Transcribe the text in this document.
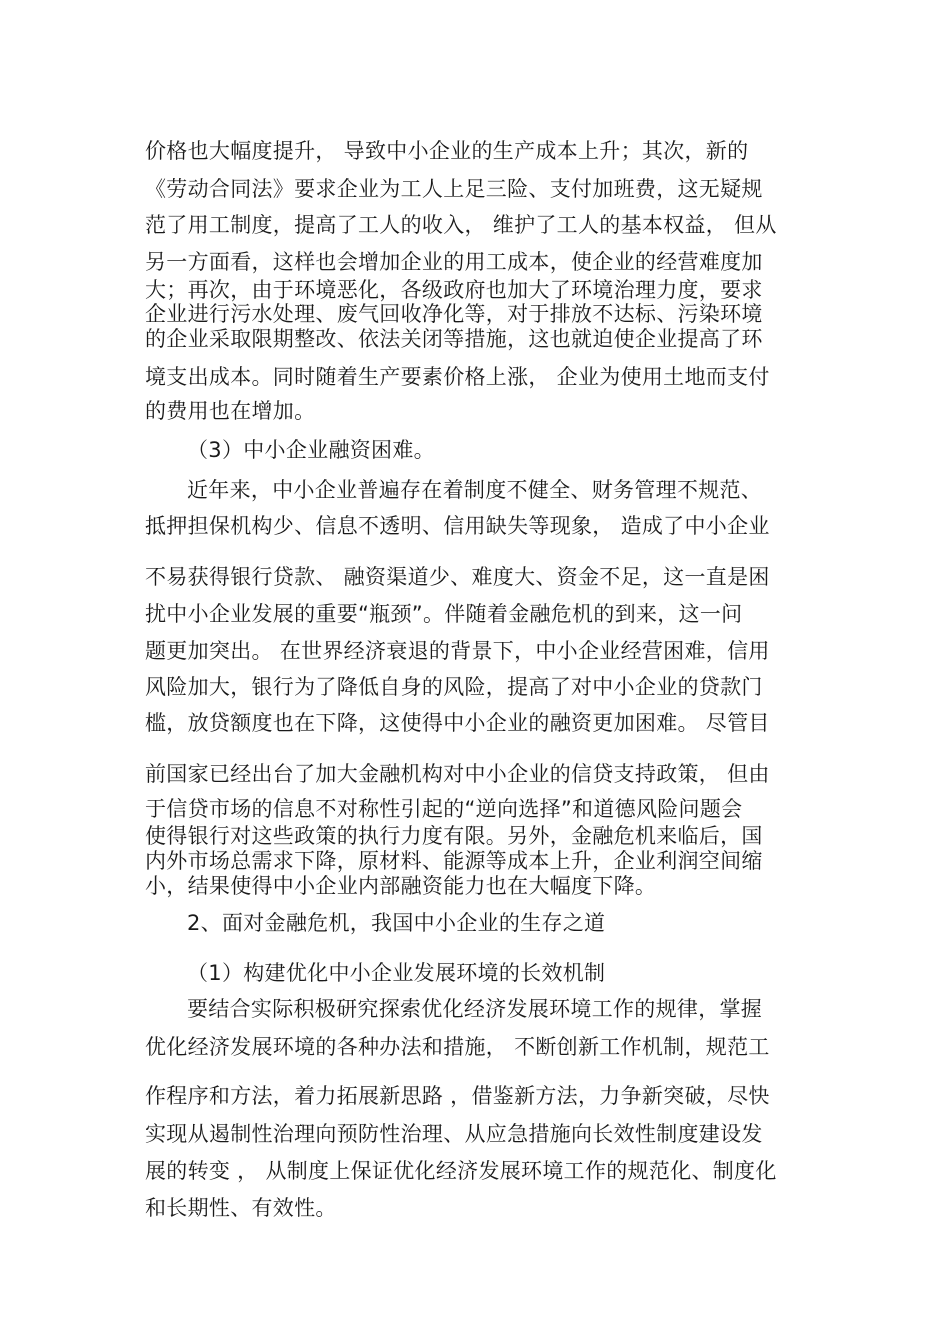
价格也大幅度提升， 导致中小企业的生产成本上升；其次，新的
《劳动合同法》要求企业为工人上足三险、支付加班费，这无疑规
范了用工制度，提高了工人的收入， 维护了工人的基本权益， 但从
另一方面看，这样也会增加企业的用工成本，使企业的经营难度加
大；再次，由于环境恶化，各级政府也加大了环境治理力度，要求
企业进行污水处理、废气回收净化等，对于排放不达标、污染环境
的企业采取限期整改、依法关闭等措施，这也就迫使企业提高了环
境支出成本。同时随着生产要素价格上涨， 企业为使用土地而支付
的费用也在增加。
（3）中小企业融资困难。
近年来，中小企业普遍存在着制度不健全、财务管理不规范、
抵押担保机构少、信息不透明、信用缺失等现象， 造成了中小企业
不易获得银行贷款、 融资渠道少、难度大、资金不足，这一直是困
扰中小企业发展的重要“瓶颈”。伴随着金融危机的到来，这一问
题更加突出。 在世界经济衰退的背景下，中小企业经营困难，信用
风险加大，银行为了降低自身的风险，提高了对中小企业的贷款门
槛，放贷额度也在下降，这使得中小企业的融资更加困难。 尽管目
前国家已经出台了加大金融机构对中小企业的信贷支持政策， 但由
于信贷市场的信息不对称性引起的“逆向选择”和道德风险问题会
使得银行对这些政策的执行力度有限。另外，金融危机来临后，国
内外市场总需求下降，原材料、能源等成本上升，企业利润空间缩
小，结果使得中小企业内部融资能力也在大幅度下降。
2、面对金融危机，我国中小企业的生存之道
（1）构建优化中小企业发展环境的长效机制
要结合实际积极研究探索优化经济发展环境工作的规律，掌握
优化经济发展环境的各种办法和措施， 不断创新工作机制，规范工
作程序和方法，着力拓展新思路 ，借鉴新方法，力争新突破，尽快
实现从遏制性治理向预防性治理、从应急措施向长效性制度建设发
展的转变 ， 从制度上保证优化经济发展环境工作的规范化、制度化
和长期性、有效性。
